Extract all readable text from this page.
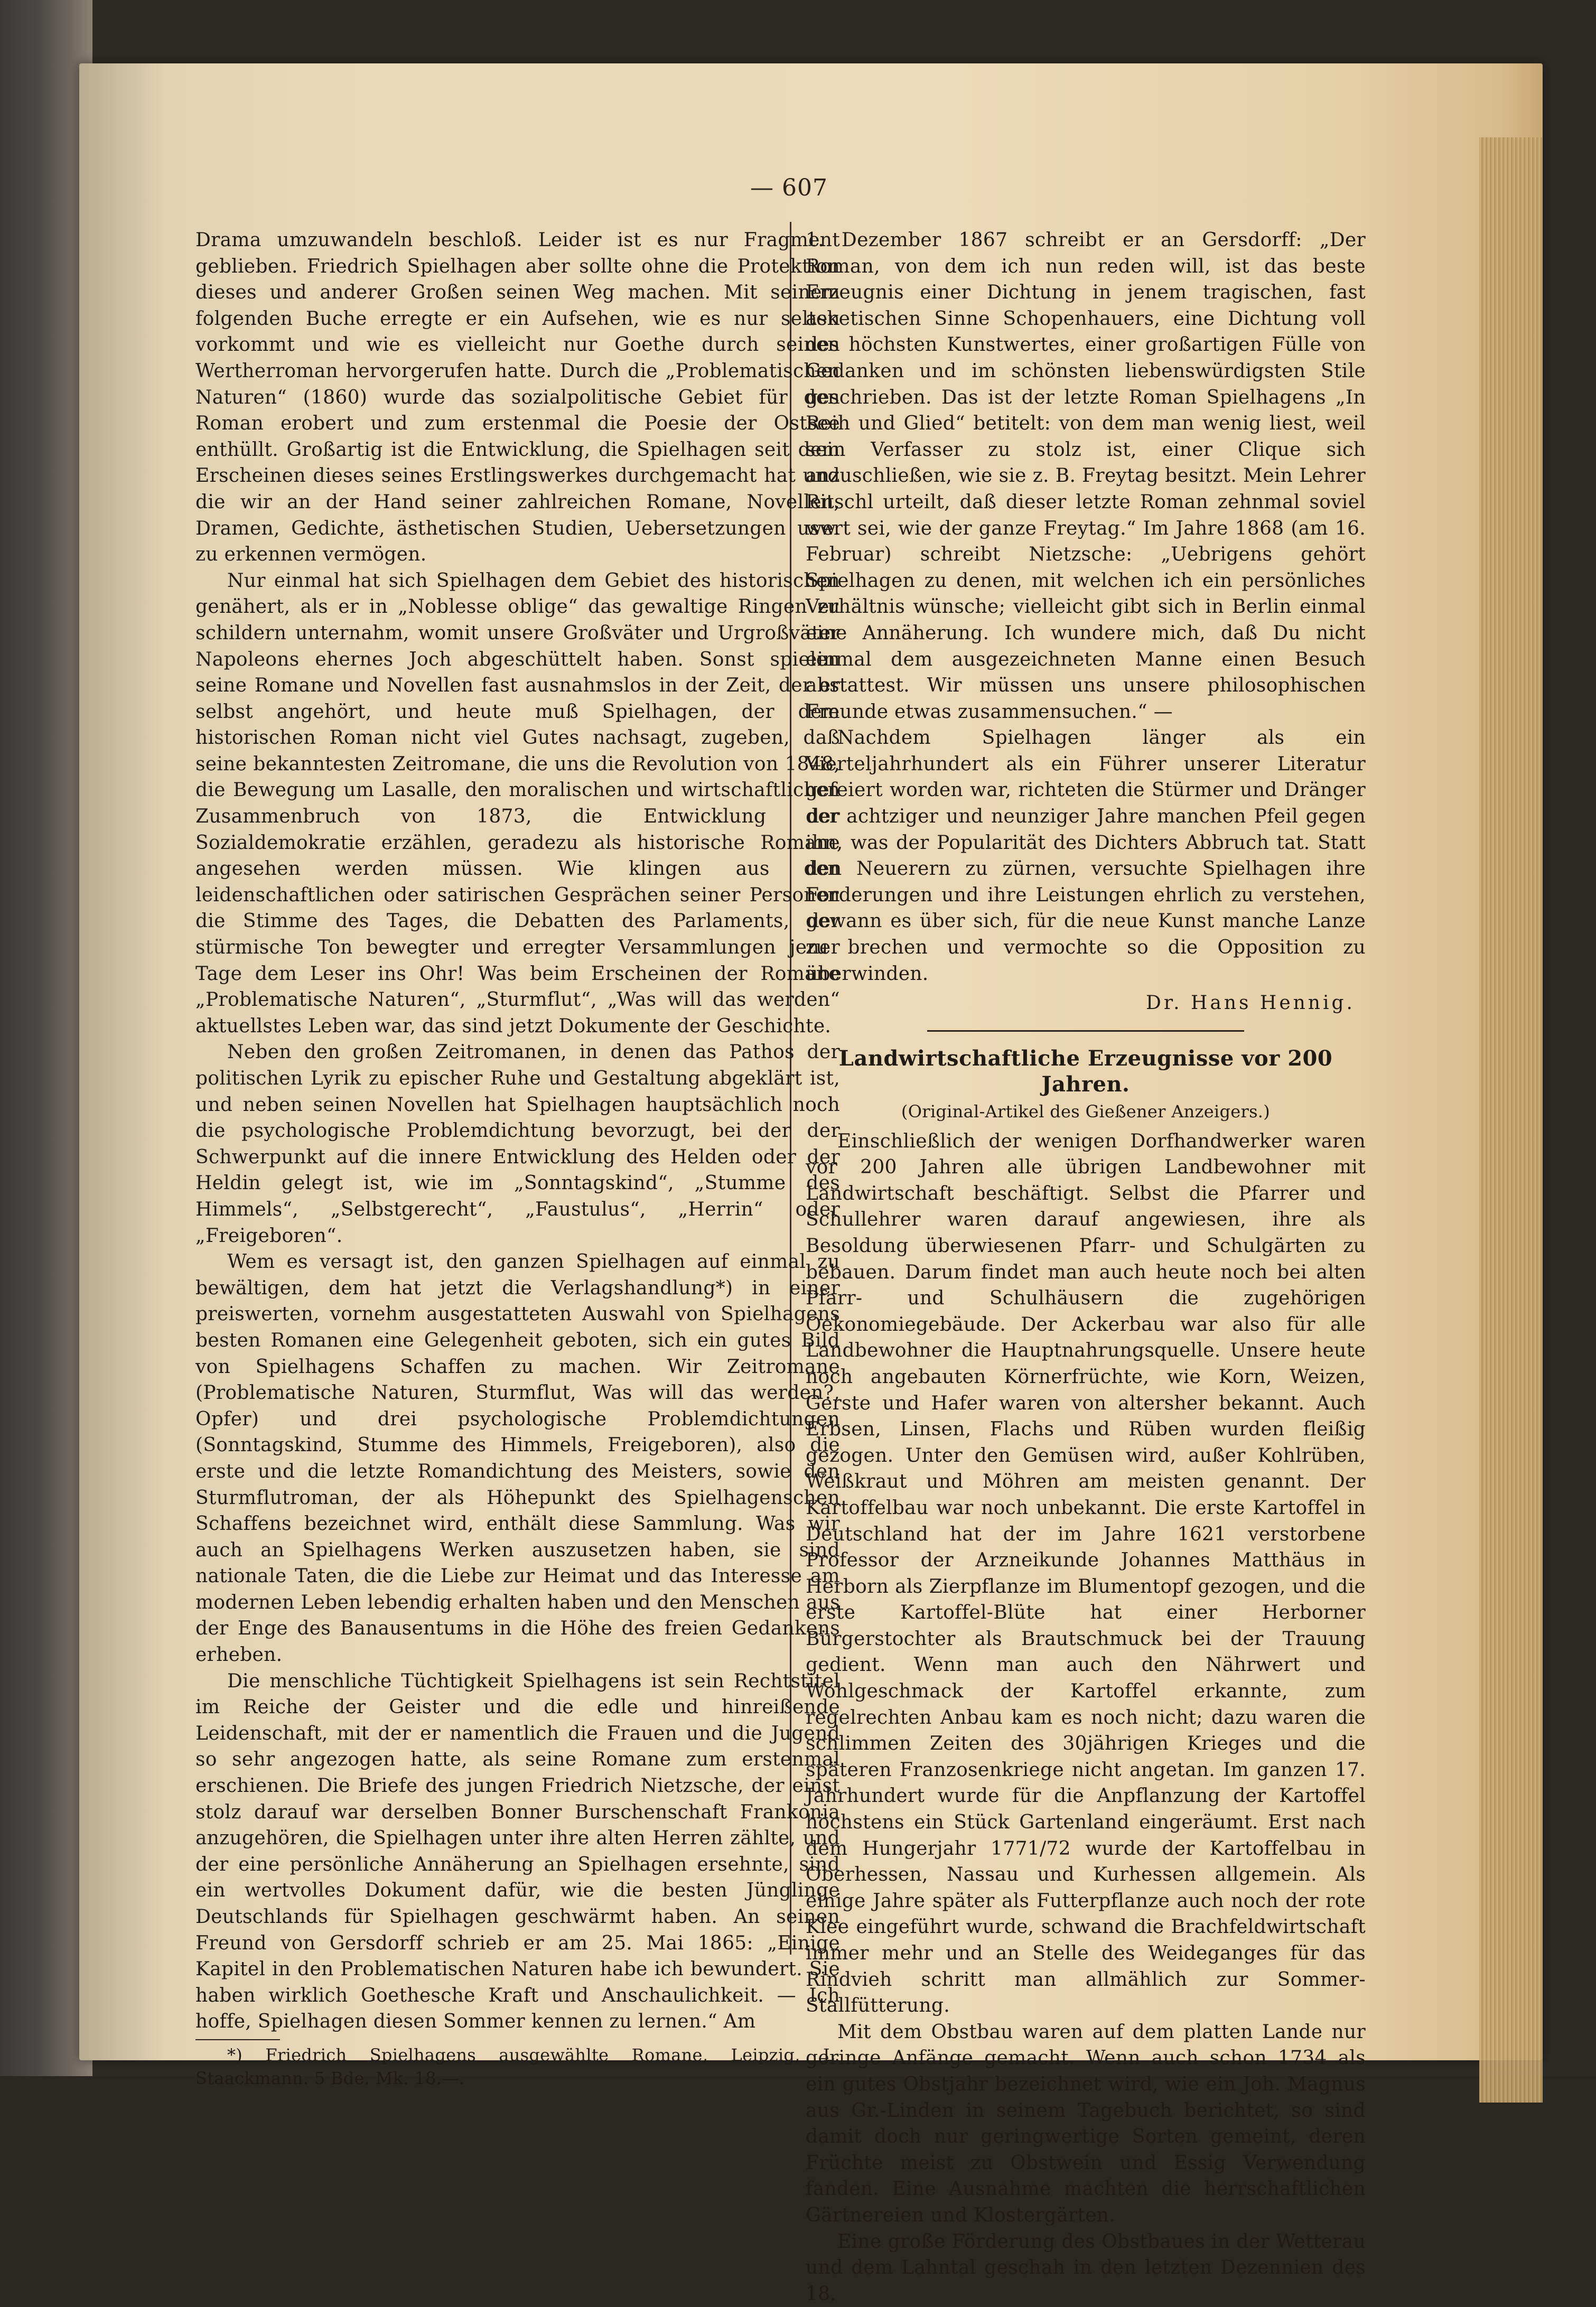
— 607

Drama umzuwandeln beschloß. Leider ist es nur Fragment geblieben. Friedrich Spielhagen aber sollte ohne die Protektion dieses und anderer Großen seinen Weg machen. Mit seinem folgenden Buche erregte er ein Aufsehen, wie es nur selten vorkommt und wie es vielleicht nur Goethe durch seinen Wertherroman hervorgerufen hatte. Durch die „Problematischen Naturen“ (1860) wurde das sozialpolitische Gebiet für den Roman erobert und zum erstenmal die Poesie der Ostsee enthüllt. Großartig ist die Entwicklung, die Spielhagen seit dem Erscheinen dieses seines Erstlingswerkes durchgemacht hat und die wir an der Hand seiner zahlreichen Romane, Novellen, Dramen, Gedichte, ästhetischen Studien, Uebersetzungen usw. zu erkennen vermögen.

Nur einmal hat sich Spielhagen dem Gebiet des historischen genähert, als er in „Noblesse oblige“ das gewaltige Ringen zu schildern unternahm, womit unsere Großväter und Urgroßväter Napoleons ehernes Joch abgeschüttelt haben. Sonst spielen seine Romane und Novellen fast ausnahmslos in der Zeit, der er selbst angehört, und heute muß Spielhagen, der dem historischen Roman nicht viel Gutes nachsagt, zugeben, daß seine bekanntesten Zeitromane, die uns die Revolution von 1848, die Bewegung um Lasalle, den moralischen und wirtschaftlichen Zusammenbruch von 1873, die Entwicklung der Sozialdemokratie erzählen, geradezu als historische Romane angesehen werden müssen. Wie klingen aus den leidenschaftlichen oder satirischen Gesprächen seiner Personen die Stimme des Tages, die Debatten des Parlaments, der stürmische Ton bewegter und erregter Versammlungen jener Tage dem Leser ins Ohr! Was beim Erscheinen der Romane „Problematische Naturen“, „Sturmflut“, „Was will das werden“ aktuellstes Leben war, das sind jetzt Dokumente der Geschichte.

Neben den großen Zeitromanen, in denen das Pathos der politischen Lyrik zu epischer Ruhe und Gestaltung abgeklärt ist, und neben seinen Novellen hat Spielhagen hauptsächlich noch die psychologische Problemdichtung bevorzugt, bei der der Schwerpunkt auf die innere Entwicklung des Helden oder der Heldin gelegt ist, wie im „Sonntagskind“, „Stumme des Himmels“, „Selbstgerecht“, „Faustulus“, „Herrin“ oder „Freigeboren“.

Wem es versagt ist, den ganzen Spielhagen auf einmal zu bewältigen, dem hat jetzt die Verlagshandlung*) in einer preiswerten, vornehm ausgestatteten Auswahl von Spielhagens besten Romanen eine Gelegenheit geboten, sich ein gutes Bild von Spielhagens Schaffen zu machen. Wir Zeitromane (Problematische Naturen, Sturmflut, Was will das werden?, Opfer) und drei psychologische Problemdichtungen (Sonntagskind, Stumme des Himmels, Freigeboren), also die erste und die letzte Romandichtung des Meisters, sowie den Sturmflutroman, der als Höhepunkt des Spielhagenschen Schaffens bezeichnet wird, enthält diese Sammlung. Was wir auch an Spielhagens Werken auszusetzen haben, sie sind nationale Taten, die die Liebe zur Heimat und das Interesse am modernen Leben lebendig erhalten haben und den Menschen aus der Enge des Banausentums in die Höhe des freien Gedankens erheben.

Die menschliche Tüchtigkeit Spielhagens ist sein Rechtstitel im Reiche der Geister und die edle und hinreißende Leidenschaft, mit der er namentlich die Frauen und die Jugend so sehr angezogen hatte, als seine Romane zum erstenmal erschienen. Die Briefe des jungen Friedrich Nietzsche, der einst stolz darauf war derselben Bonner Burschenschaft Frankonia anzugehören, die Spielhagen unter ihre alten Herren zählte, und der eine persönliche Annäherung an Spielhagen ersehnte, sind ein wertvolles Dokument dafür, wie die besten Jünglinge Deutschlands für Spielhagen geschwärmt haben. An seinen Freund von Gersdorff schrieb er am 25. Mai 1865: „Einige Kapitel in den Problematischen Naturen habe ich bewundert. Sie haben wirklich Goethesche Kraft und Anschaulichkeit. — Ich hoffe, Spielhagen diesen Sommer kennen zu lernen.“ Am

*) Friedrich Spielhagens ausgewählte Romane, Leipzig, L. Staackmann. 5 Bde. Mk. 18.—.

1. Dezember 1867 schreibt er an Gersdorff: „Der Roman, von dem ich nun reden will, ist das beste Erzeugnis einer Dichtung in jenem tragischen, fast asketischen Sinne Schopenhauers, eine Dichtung voll des höchsten Kunstwertes, einer großartigen Fülle von Gedanken und im schönsten liebenswürdigsten Stile geschrieben. Das ist der letzte Roman Spielhagens „In Reih und Glied“ betitelt: von dem man wenig liest, weil sein Verfasser zu stolz ist, einer Clique sich anzuschließen, wie sie z. B. Freytag besitzt. Mein Lehrer Ritschl urteilt, daß dieser letzte Roman zehnmal soviel wert sei, wie der ganze Freytag.“ Im Jahre 1868 (am 16. Februar) schreibt Nietzsche: „Uebrigens gehört Spielhagen zu denen, mit welchen ich ein persönliches Verhältnis wünsche; vielleicht gibt sich in Berlin einmal eine Annäherung. Ich wundere mich, daß Du nicht einmal dem ausgezeichneten Manne einen Besuch abstattest. Wir müssen uns unsere philosophischen Freunde etwas zusammensuchen.“ —

Nachdem Spielhagen länger als ein Vierteljahrhundert als ein Führer unserer Literatur gefeiert worden war, richteten die Stürmer und Dränger der achtziger und neunziger Jahre manchen Pfeil gegen ihn, was der Popularität des Dichters Abbruch tat. Statt den Neuerern zu zürnen, versuchte Spielhagen ihre Forderungen und ihre Leistungen ehrlich zu verstehen, gewann es über sich, für die neue Kunst manche Lanze zu brechen und vermochte so die Opposition zu überwinden.

Dr. Hans Hennig.
Landwirtschaftliche Erzeugnisse vor 200 Jahren.
(Original-Artikel des Gießener Anzeigers.)

Einschließlich der wenigen Dorfhandwerker waren vor 200 Jahren alle übrigen Landbewohner mit Landwirtschaft beschäftigt. Selbst die Pfarrer und Schullehrer waren darauf angewiesen, ihre als Besoldung überwiesenen Pfarr- und Schulgärten zu bebauen. Darum findet man auch heute noch bei alten Pfarr- und Schulhäusern die zugehörigen Oekonomiegebäude. Der Ackerbau war also für alle Landbewohner die Hauptnahrungsquelle. Unsere heute noch angebauten Körnerfrüchte, wie Korn, Weizen, Gerste und Hafer waren von altersher bekannt. Auch Erbsen, Linsen, Flachs und Rüben wurden fleißig gezogen. Unter den Gemüsen wird, außer Kohlrüben, Weißkraut und Möhren am meisten genannt. Der Kartoffelbau war noch unbekannt. Die erste Kartoffel in Deutschland hat der im Jahre 1621 verstorbene Professor der Arzneikunde Johannes Matthäus in Herborn als Zierpflanze im Blumentopf gezogen, und die erste Kartoffel-Blüte hat einer Herborner Bürgerstochter als Brautschmuck bei der Trauung gedient. Wenn man auch den Nährwert und Wohlgeschmack der Kartoffel erkannte, zum regelrechten Anbau kam es noch nicht; dazu waren die schlimmen Zeiten des 30jährigen Krieges und die späteren Franzosenkriege nicht angetan. Im ganzen 17. Jahrhundert wurde für die Anpflanzung der Kartoffel höchstens ein Stück Gartenland eingeräumt. Erst nach dem Hungerjahr 1771/72 wurde der Kartoffelbau in Oberhessen, Nassau und Kurhessen allgemein. Als einige Jahre später als Futterpflanze auch noch der rote Klee eingeführt wurde, schwand die Brachfeldwirtschaft immer mehr und an Stelle des Weideganges für das Rindvieh schritt man allmählich zur Sommer-Stallfütterung.

Mit dem Obstbau waren auf dem platten Lande nur geringe Anfänge gemacht. Wenn auch schon 1734 als ein gutes Obstjahr bezeichnet wird, wie ein Joh. Magnus aus Gr.-Linden in seinem Tagebuch berichtet, so sind damit doch nur geringwertige Sorten gemeint, deren Früchte meist zu Obstwein und Essig Verwendung fanden. Eine Ausnahme machten die herrschaftlichen Gärtnereien und Klostergärten.

Eine große Förderung des Obstbaues in der Wetterau und dem Lahntal geschah in den letzten Dezennien des 18.
